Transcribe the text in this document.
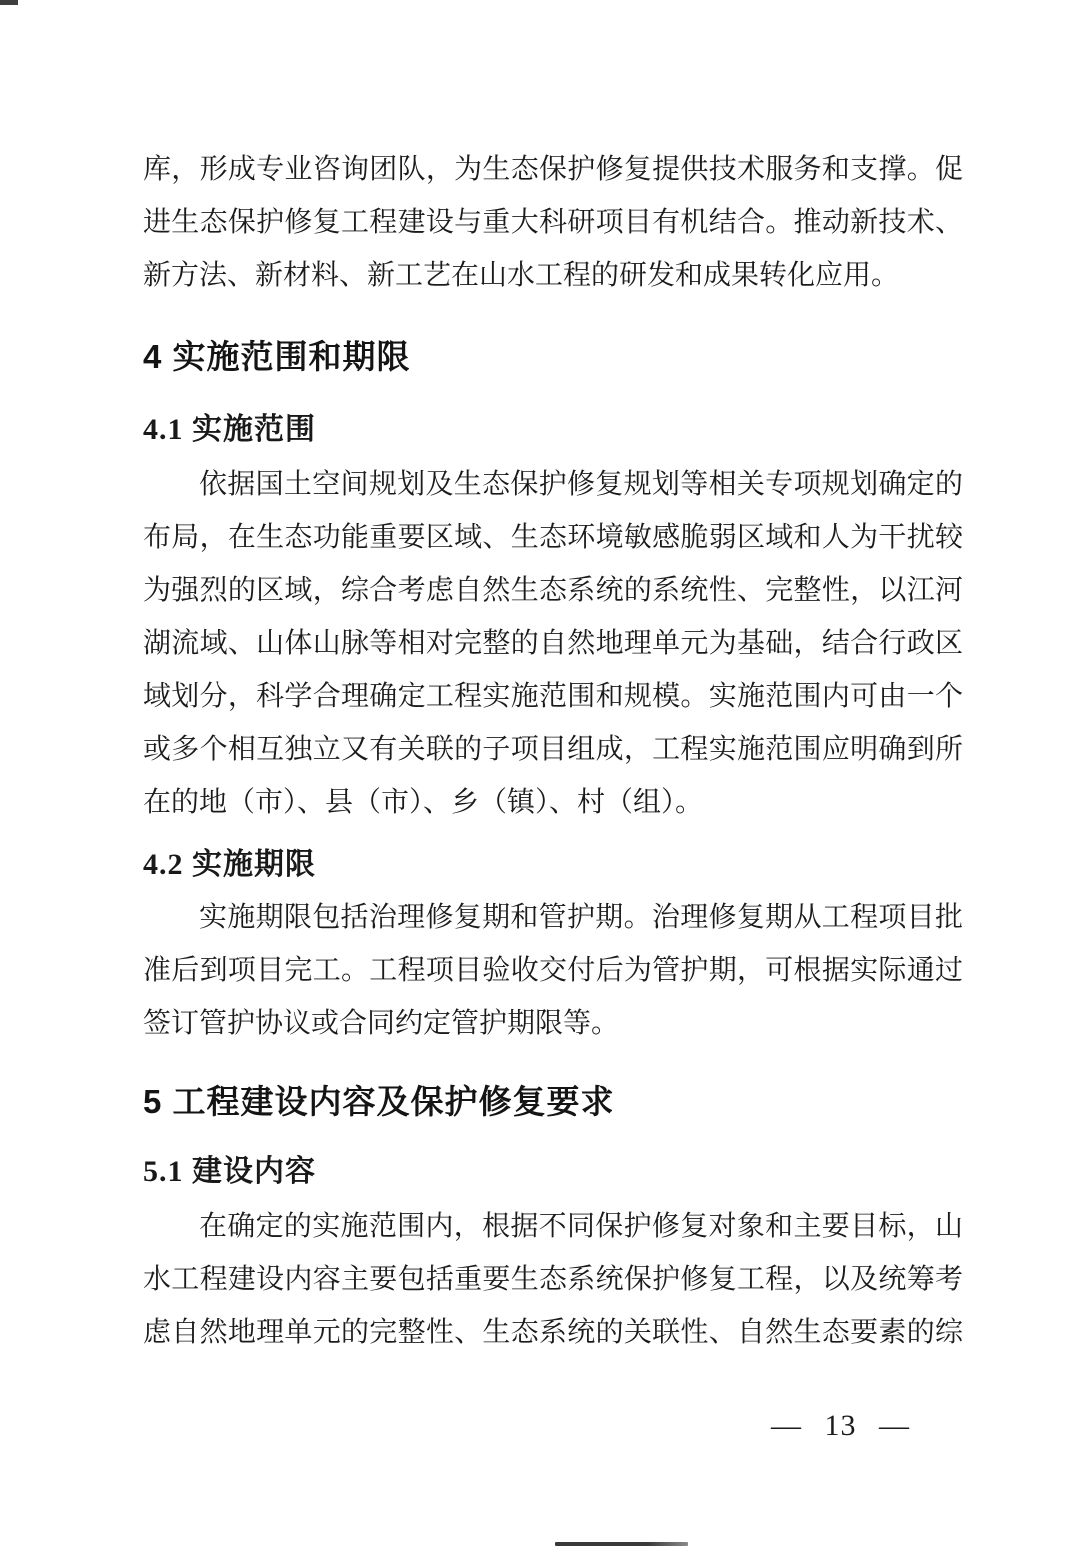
库，形成专业咨询团队，为生态保护修复提供技术服务和支撑。促

进生态保护修复工程建设与重大科研项目有机结合。推动新技术、

新方法、新材料、新工艺在山水工程的研发和成果转化应用。

4 实施范围和期限
4.1 实施范围

依据国土空间规划及生态保护修复规划等相关专项规划确定的

布局，在生态功能重要区域、生态环境敏感脆弱区域和人为干扰较

为强烈的区域，综合考虑自然生态系统的系统性、完整性，以江河

湖流域、山体山脉等相对完整的自然地理单元为基础，结合行政区

域划分，科学合理确定工程实施范围和规模。实施范围内可由一个

或多个相互独立又有关联的子项目组成，工程实施范围应明确到所

在的地（市）、县（市）、乡（镇）、村（组）。

4.2 实施期限

实施期限包括治理修复期和管护期。治理修复期从工程项目批

准后到项目完工。工程项目验收交付后为管护期，可根据实际通过

签订管护协议或合同约定管护期限等。

5 工程建设内容及保护修复要求
5.1 建设内容

在确定的实施范围内，根据不同保护修复对象和主要目标，山

水工程建设内容主要包括重要生态系统保护修复工程，以及统筹考

虑自然地理单元的完整性、生态系统的关联性、自然生态要素的综

— 13 —
